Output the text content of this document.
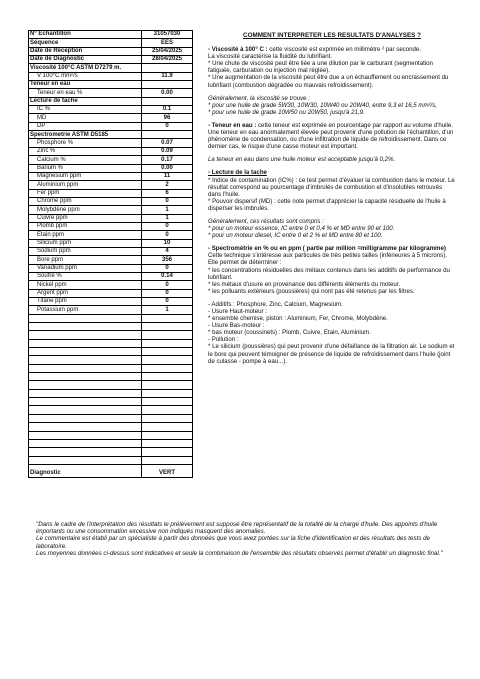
N° Echantillon	31057030
Séquence	EES
Date de Réception	25/04/2025
Date de Diagnostic	28/04/2025
Viscosité 100°C ASTM D7279 m.	
V 100°C mm²/s	11.9
Teneur en eau	
Teneur en eau %	0.00
Lecture de tache	
IC %	0.1
MD	96
DP	0
Spectrometrie ASTM D5185	
Phosphore %	0.07
Zinc %	0.09
Calcium %	0.17
Barium %	0.00
Magnesium ppm	11
Aluminium ppm	2
Fer ppm	6
Chrome ppm	0
Molybdène ppm	1
Cuivre ppm	1
Plomb ppm	0
Etain ppm	0
Silicium ppm	10
Sodium ppm	4
Bore ppm	356
Vanadium ppm	0
Soufre %	0.14
Nickel ppm	0
Argent ppm	0
Titane ppm	0
Potassium ppm	1

Diagnostic	VERT
COMMENT INTERPRETER LES RESULTATS D'ANALYSES ?

- Viscosité à 100° C : cette viscosité est exprimée en millimètre ² par seconde.

La viscosité caractérise la fluidité du lubrifiant.

* Une chute de viscosité peut être liée a une dilution par le carburant (segmentation fatiguée, carburation ou injection mal réglée).

* Une augmentation de la viscosité peut être due a un échauffement ou encrassement du lubrifiant (combustion dégradée ou mauvais refroidissement).

Généralement, la viscosité se trouve :

* pour une huile de grade 5W30, 10W30, 10W40 ou 20W40, entre 9,3 et 16,5 mm²/s,

* pour une huile de grade 10W50 ou 20W50, jusqu'à 21,9.

- Teneur en eau : cette teneur est exprimée en pourcentage par rapport au volume d'huile.

Une teneur en eau anormalement élevée peut provenir d'une pollution de l'échantillon, d'un phénomène de condensation, ou d'une infiltration de liquide de refroidissement. Dans ce dernier cas, le risque d'une casse moteur est important.

La teneur en eau dans une huile moteur est acceptable jusqu'à 0,2%.

- Lecture de la tache

* Indice de contamination (IC%) : ce test permet d'évaluer la combustion dans le moteur. Le résultat correspond au pourcentage d'imbrulés de combustion et d'insolubles retrouvés dans l'huile.

* Pouvoir dispersif (MD) : cette note permet d'apprécier la capacité résiduelle de l'huile à disperser les imbrulés.

Généralement, ces résultats sont compris :

* pour un moteur essence, IC entre 0 et 0,4 % et MD entre 90 et 100.

* pour un moteur diesel, IC entre 0 et 2 % et MD entre 80 et 100.

- Spectrométrie en % ou en ppm ( partie par million =milligramme par kilogramme)

Cette technique s'intéresse aux particules de très petites tailles (inférieures à 5 microns). Elle permet de déterminer :

* les concentrations résiduelles des métaux contenus dans les additifs de performance du lubrifiant.

* les métaux d'usure en provenance des différents éléments du moteur.

* les polluants extérieurs (poussières) qui nont pas été retenus par les filtres.

- Additifs : Phosphore, Zinc, Calcium, Magnesium.

- Usure Haut-moteur :

* ensemble chemise, piston : Aluminium, Fer, Chrome, Molybdène.

- Usure Bas-moteur :

* bas moteur (coussinets) : Plomb, Cuivre, Etain, Aluminium.

- Pollution :

* Le silicium (poussières) qui peut provenir d'une défaillance de la filtration air. Le sodium et le bore qui peuvent témoigner de présence de liquide de refroidissement dans l'huile (joint de culasse - pompe à eau...).

"Dans le cadre de l'interprétation des résultats le prélèvement est supposé être représentatif de la totalité de la charge d'huile. Des appoints d'huile importants ou une consommation excessive non indiqués masquent des anomalies.

Le commentaire est établi par un spécialiste à partir des données que vous avez portées sur la fiche d'identification et des résultats des tests de laboratoire.

Les moyennes données ci-dessus sont indicatives et seule la combinaison de l'ensemble des résultats observés permet d'établir un diagnostic final."
